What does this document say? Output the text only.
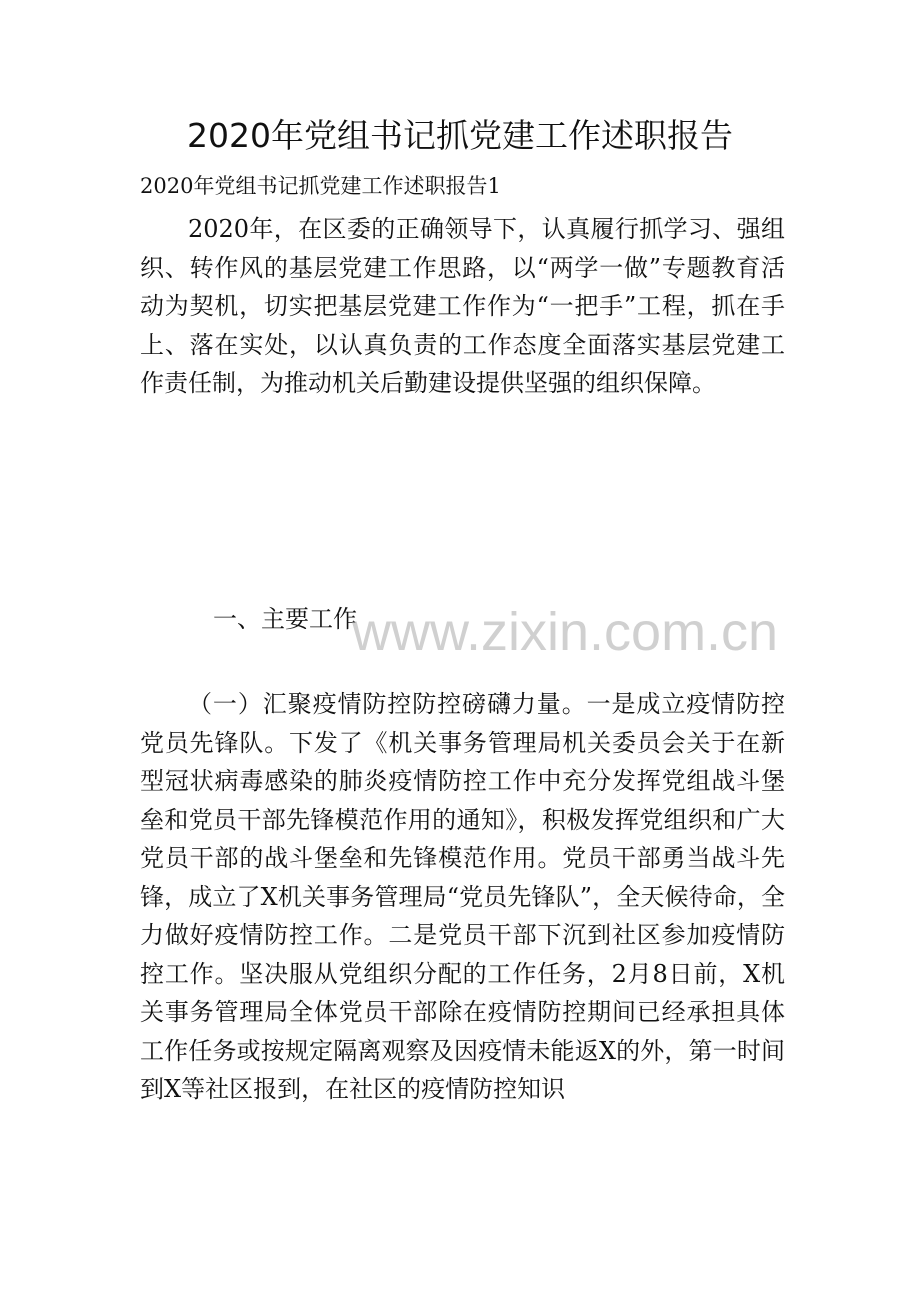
2020年党组书记抓党建工作述职报告
2020年党组书记抓党建工作述职报告1

2020年，在区委的正确领导下，认真履行抓学习、强组织、转作风的基层党建工作思路，以“两学一做”专题教育活动为契机，切实把基层党建工作作为“一把手”工程，抓在手上、落在实处，以认真负责的工作态度全面落实基层党建工作责任制，为推动机关后勤建设提供坚强的组织保障。

一、主要工作
www.zixin.com.cn

（一）汇聚疫情防控防控磅礴力量。一是成立疫情防控党员先锋队。下发了《机关事务管理局机关委员会关于在新型冠状病毒感染的肺炎疫情防控工作中充分发挥党组战斗堡垒和党员干部先锋模范作用的通知》，积极发挥党组织和广大党员干部的战斗堡垒和先锋模范作用。党员干部勇当战斗先锋，成立了X机关事务管理局“党员先锋队”，全天候待命，全力做好疫情防控工作。二是党员干部下沉到社区参加疫情防控工作。坚决服从党组织分配的工作任务，2月8日前，X机关事务管理局全体党员干部除在疫情防控期间已经承担具体工作任务或按规定隔离观察及因疫情未能返X的外，第一时间到X等社区报到，在社区的疫情防控知识
